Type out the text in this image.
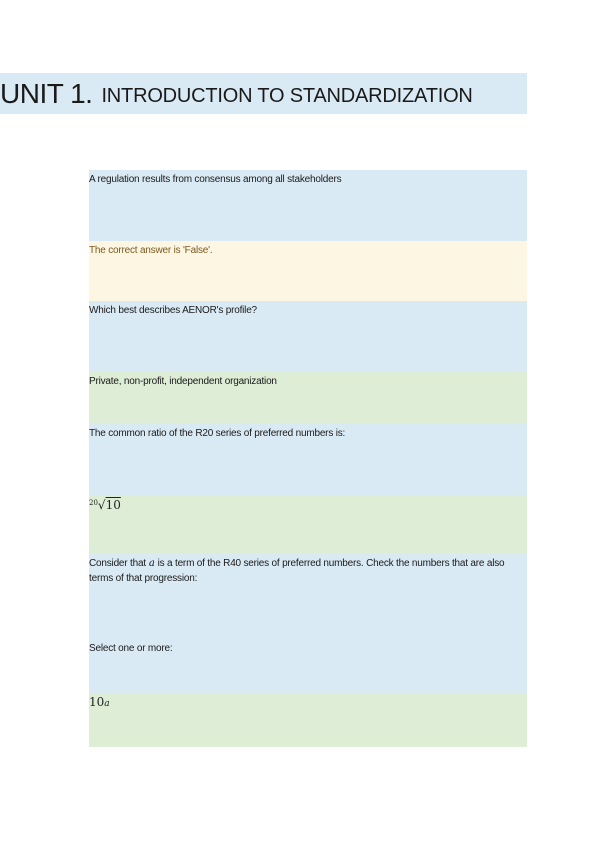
UNIT 1. INTRODUCTION TO STANDARDIZATION
A regulation results from consensus among all stakeholders
The correct answer is 'False'.
Which best describes AENOR's profile?
Private, non-profit, independent organization
The common ratio of the R20 series of preferred numbers is:
$^{20}$√10
Consider that a is a term of the R40 series of preferred numbers. Check the numbers that are also terms of that progression:
Select one or more:
10a
